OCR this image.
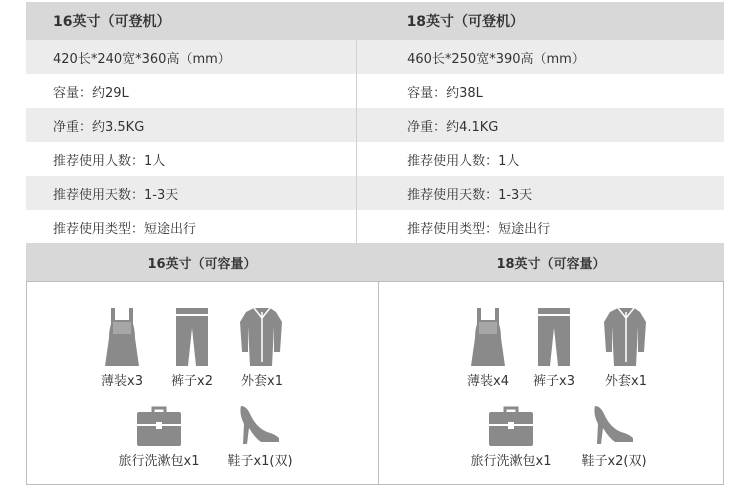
16英寸（可登机）	18英寸（可登机）
420长*240宽*360高（mm）	460长*250宽*390高（mm）
容量：约29L	容量：约38L
净重：约3.5KG	净重：约4.1KG
推荐使用人数：1人	推荐使用人数：1人
推荐使用天数：1-3天	推荐使用天数：1-3天
推荐使用类型：短途出行	推荐使用类型：短途出行
16英寸（可容量）	18英寸（可容量）
薄装x3	裤子x2	外套x1
旅行洗漱包x1	鞋子x1(双)
薄装x4	裤子x3	外套x1
旅行洗漱包x1	鞋子x2(双)
